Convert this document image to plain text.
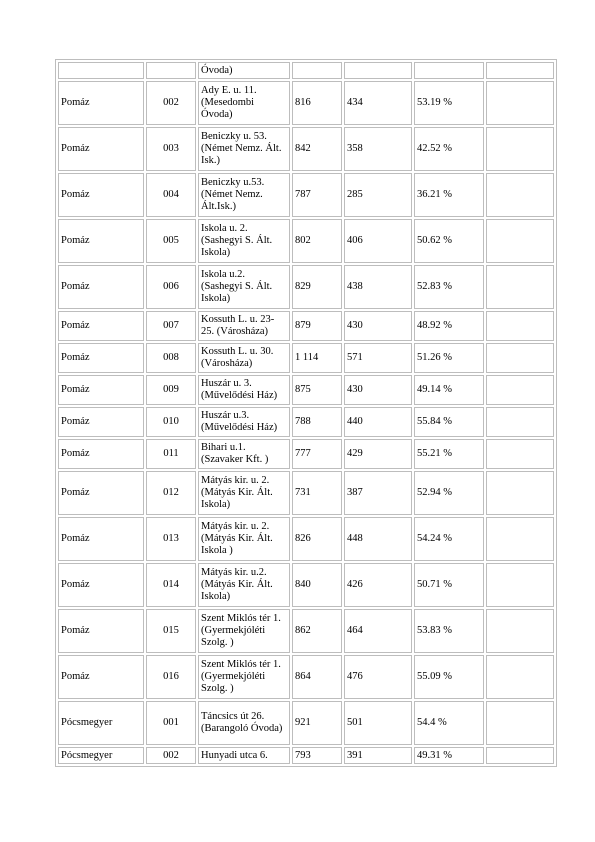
		Óvoda)				
Pomáz	002	Ady E. u. 11. (Mesedombi Óvoda)	816	434	53.19 %	
Pomáz	003	Beniczky u. 53. (Német Nemz. Ált. Isk.)	842	358	42.52 %	
Pomáz	004	Beniczky u.53. (Német Nemz. Ált.Isk.)	787	285	36.21 %	
Pomáz	005	Iskola u. 2. (Sashegyi S. Ált. Iskola)	802	406	50.62 %	
Pomáz	006	Iskola u.2. (Sashegyi S. Ált. Iskola)	829	438	52.83 %	
Pomáz	007	Kossuth L. u. 23-25. (Városháza)	879	430	48.92 %	
Pomáz	008	Kossuth L. u. 30. (Városháza)	1 114	571	51.26 %	
Pomáz	009	Huszár u. 3. (Művelődési Ház)	875	430	49.14 %	
Pomáz	010	Huszár u.3. (Művelődési Ház)	788	440	55.84 %	
Pomáz	011	Bihari u.1. (Szavaker Kft. )	777	429	55.21 %	
Pomáz	012	Mátyás kir. u. 2. (Mátyás Kir. Ált. Iskola)	731	387	52.94 %	
Pomáz	013	Mátyás kir. u. 2. (Mátyás Kir. Ált. Iskola )	826	448	54.24 %	
Pomáz	014	Mátyás kir. u.2. (Mátyás Kir. Ált. Iskola)	840	426	50.71 %	
Pomáz	015	Szent Miklós tér 1. (Gyermekjóléti Szolg. )	862	464	53.83 %	
Pomáz	016	Szent Miklós tér 1. (Gyermekjóléti Szolg. )	864	476	55.09 %	
Pócsmegyer	001	Táncsics út 26. (Barangoló Óvoda)	921	501	54.4 %	
Pócsmegyer	002	Hunyadi utca 6.	793	391	49.31 %	
